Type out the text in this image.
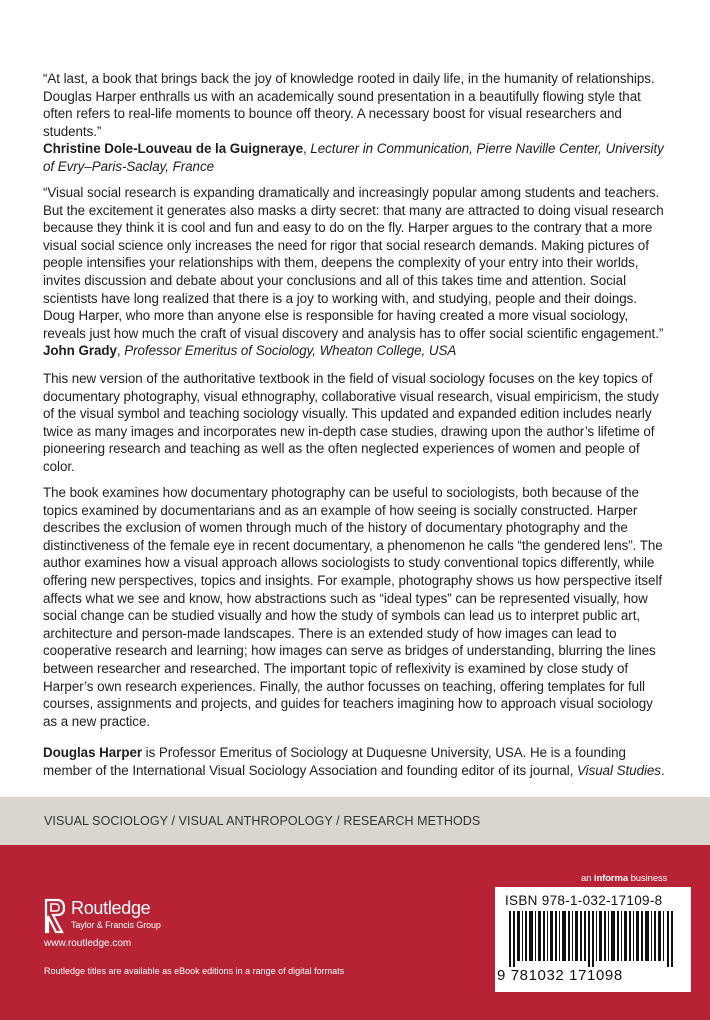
“At last, a book that brings back the joy of knowledge rooted in daily life, in the humanity of relationships. Douglas Harper enthralls us with an academically sound presentation in a beautifully flowing style that often refers to real-life moments to bounce off theory. A necessary boost for visual researchers and students.”

Christine Dole-Louveau de la Guigneraye, Lecturer in Communication, Pierre Naville Center, University of Evry–Paris-Saclay, France

“Visual social research is expanding dramatically and increasingly popular among students and teachers. But the excitement it generates also masks a dirty secret: that many are attracted to doing visual research because they think it is cool and fun and easy to do on the fly. Harper argues to the contrary that a more visual social science only increases the need for rigor that social research demands. Making pictures of people intensifies your relationships with them, deepens the complexity of your entry into their worlds, invites discussion and debate about your conclusions and all of this takes time and attention. Social scientists have long realized that there is a joy to working with, and studying, people and their doings. Doug Harper, who more than anyone else is responsible for having created a more visual sociology, reveals just how much the craft of visual discovery and analysis has to offer social scientific engagement.”

John Grady, Professor Emeritus of Sociology, Wheaton College, USA

This new version of the authoritative textbook in the field of visual sociology focuses on the key topics of documentary photography, visual ethnography, collaborative visual research, visual empiricism, the study of the visual symbol and teaching sociology visually. This updated and expanded edition includes nearly twice as many images and incorporates new in-depth case studies, drawing upon the author’s lifetime of pioneering research and teaching as well as the often neglected experiences of women and people of color.

The book examines how documentary photography can be useful to sociologists, both because of the topics examined by documentarians and as an example of how seeing is socially constructed. Harper describes the exclusion of women through much of the history of documentary photography and the distinctiveness of the female eye in recent documentary, a phenomenon he calls “the gendered lens”. The author examines how a visual approach allows sociologists to study conventional topics differently, while offering new perspectives, topics and insights. For example, photography shows us how perspective itself affects what we see and know, how abstractions such as “ideal types” can be represented visually, how social change can be studied visually and how the study of symbols can lead us to interpret public art, architecture and person-made landscapes. There is an extended study of how images can lead to cooperative research and learning; how images can serve as bridges of understanding, blurring the lines between researcher and researched. The important topic of reflexivity is examined by close study of Harper’s own research experiences. Finally, the author focusses on teaching, offering templates for full courses, assignments and projects, and guides for teachers imagining how to approach visual sociology as a new practice.

Douglas Harper is Professor Emeritus of Sociology at Duquesne University, USA. He is a founding member of the International Visual Sociology Association and founding editor of its journal, Visual Studies.

VISUAL SOCIOLOGY / VISUAL ANTHROPOLOGY / RESEARCH METHODS
an informa business
ISBN 978-1-032-17109-8
9 781032 171098
Routledge
Taylor & Francis Group
www.routledge.com
Routledge titles are available as eBook editions in a range of digital formats
